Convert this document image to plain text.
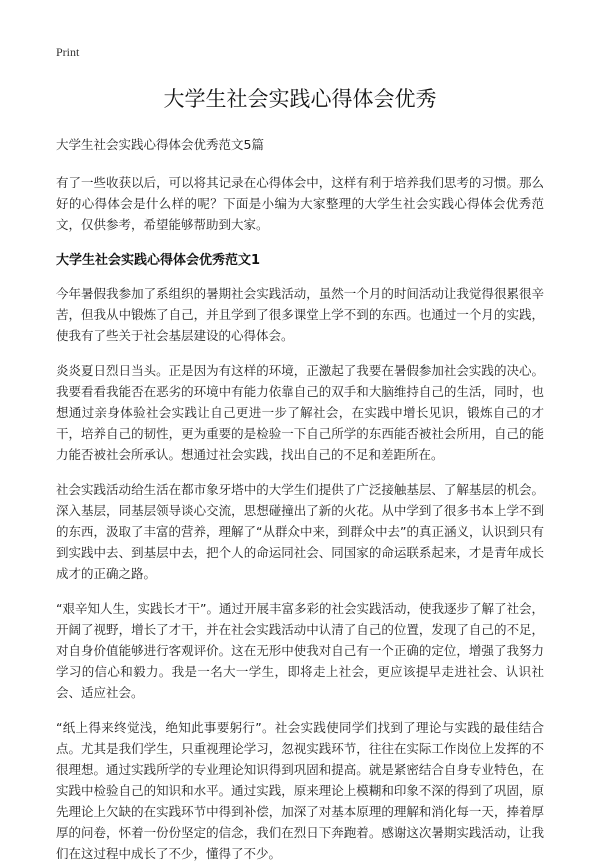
Print
大学生社会实践心得体会优秀

大学生社会实践心得体会优秀范文5篇

有了一些收获以后，可以将其记录在心得体会中，这样有利于培养我们思考的习惯。那么好的心得体会是什么样的呢？下面是小编为大家整理的大学生社会实践心得体会优秀范文，仅供参考，希望能够帮助到大家。

大学生社会实践心得体会优秀范文1

今年暑假我参加了系组织的暑期社会实践活动，虽然一个月的时间活动让我觉得很累很辛苦，但我从中锻炼了自己，并且学到了很多课堂上学不到的东西。也通过一个月的实践，使我有了些关于社会基层建设的心得体会。

炎炎夏日烈日当头。正是因为有这样的环境，正激起了我要在暑假参加社会实践的决心。我要看看我能否在恶劣的环境中有能力依靠自己的双手和大脑维持自己的生活，同时，也想通过亲身体验社会实践让自己更进一步了解社会，在实践中增长见识，锻炼自己的才干，培养自己的韧性，更为重要的是检验一下自己所学的东西能否被社会所用，自己的能力能否被社会所承认。想通过社会实践，找出自己的不足和差距所在。

社会实践活动给生活在都市象牙塔中的大学生们提供了广泛接触基层、了解基层的机会。深入基层，同基层领导谈心交流，思想碰撞出了新的火花。从中学到了很多书本上学不到的东西，汲取了丰富的营养，理解了“从群众中来，到群众中去”的真正涵义，认识到只有到实践中去、到基层中去，把个人的命运同社会、同国家的命运联系起来，才是青年成长成才的正确之路。

“艰辛知人生，实践长才干”。通过开展丰富多彩的社会实践活动，使我逐步了解了社会，开阔了视野，增长了才干，并在社会实践活动中认清了自己的位置，发现了自己的不足，对自身价值能够进行客观评价。这在无形中使我对自己有一个正确的定位，增强了我努力学习的信心和毅力。我是一名大一学生，即将走上社会，更应该提早走进社会、认识社会、适应社会。

“纸上得来终觉浅，绝知此事要躬行”。社会实践使同学们找到了理论与实践的最佳结合点。尤其是我们学生，只重视理论学习，忽视实践环节，往往在实际工作岗位上发挥的不很理想。通过实践所学的专业理论知识得到巩固和提高。就是紧密结合自身专业特色，在实践中检验自己的知识和水平。通过实践，原来理论上模糊和印象不深的得到了巩固，原先理论上欠缺的在实践环节中得到补偿，加深了对基本原理的理解和消化每一天，捧着厚厚的问卷，怀着一份份坚定的信念，我们在烈日下奔跑着。感谢这次暑期实践活动，让我们在这过程中成长了不少，懂得了不少。
